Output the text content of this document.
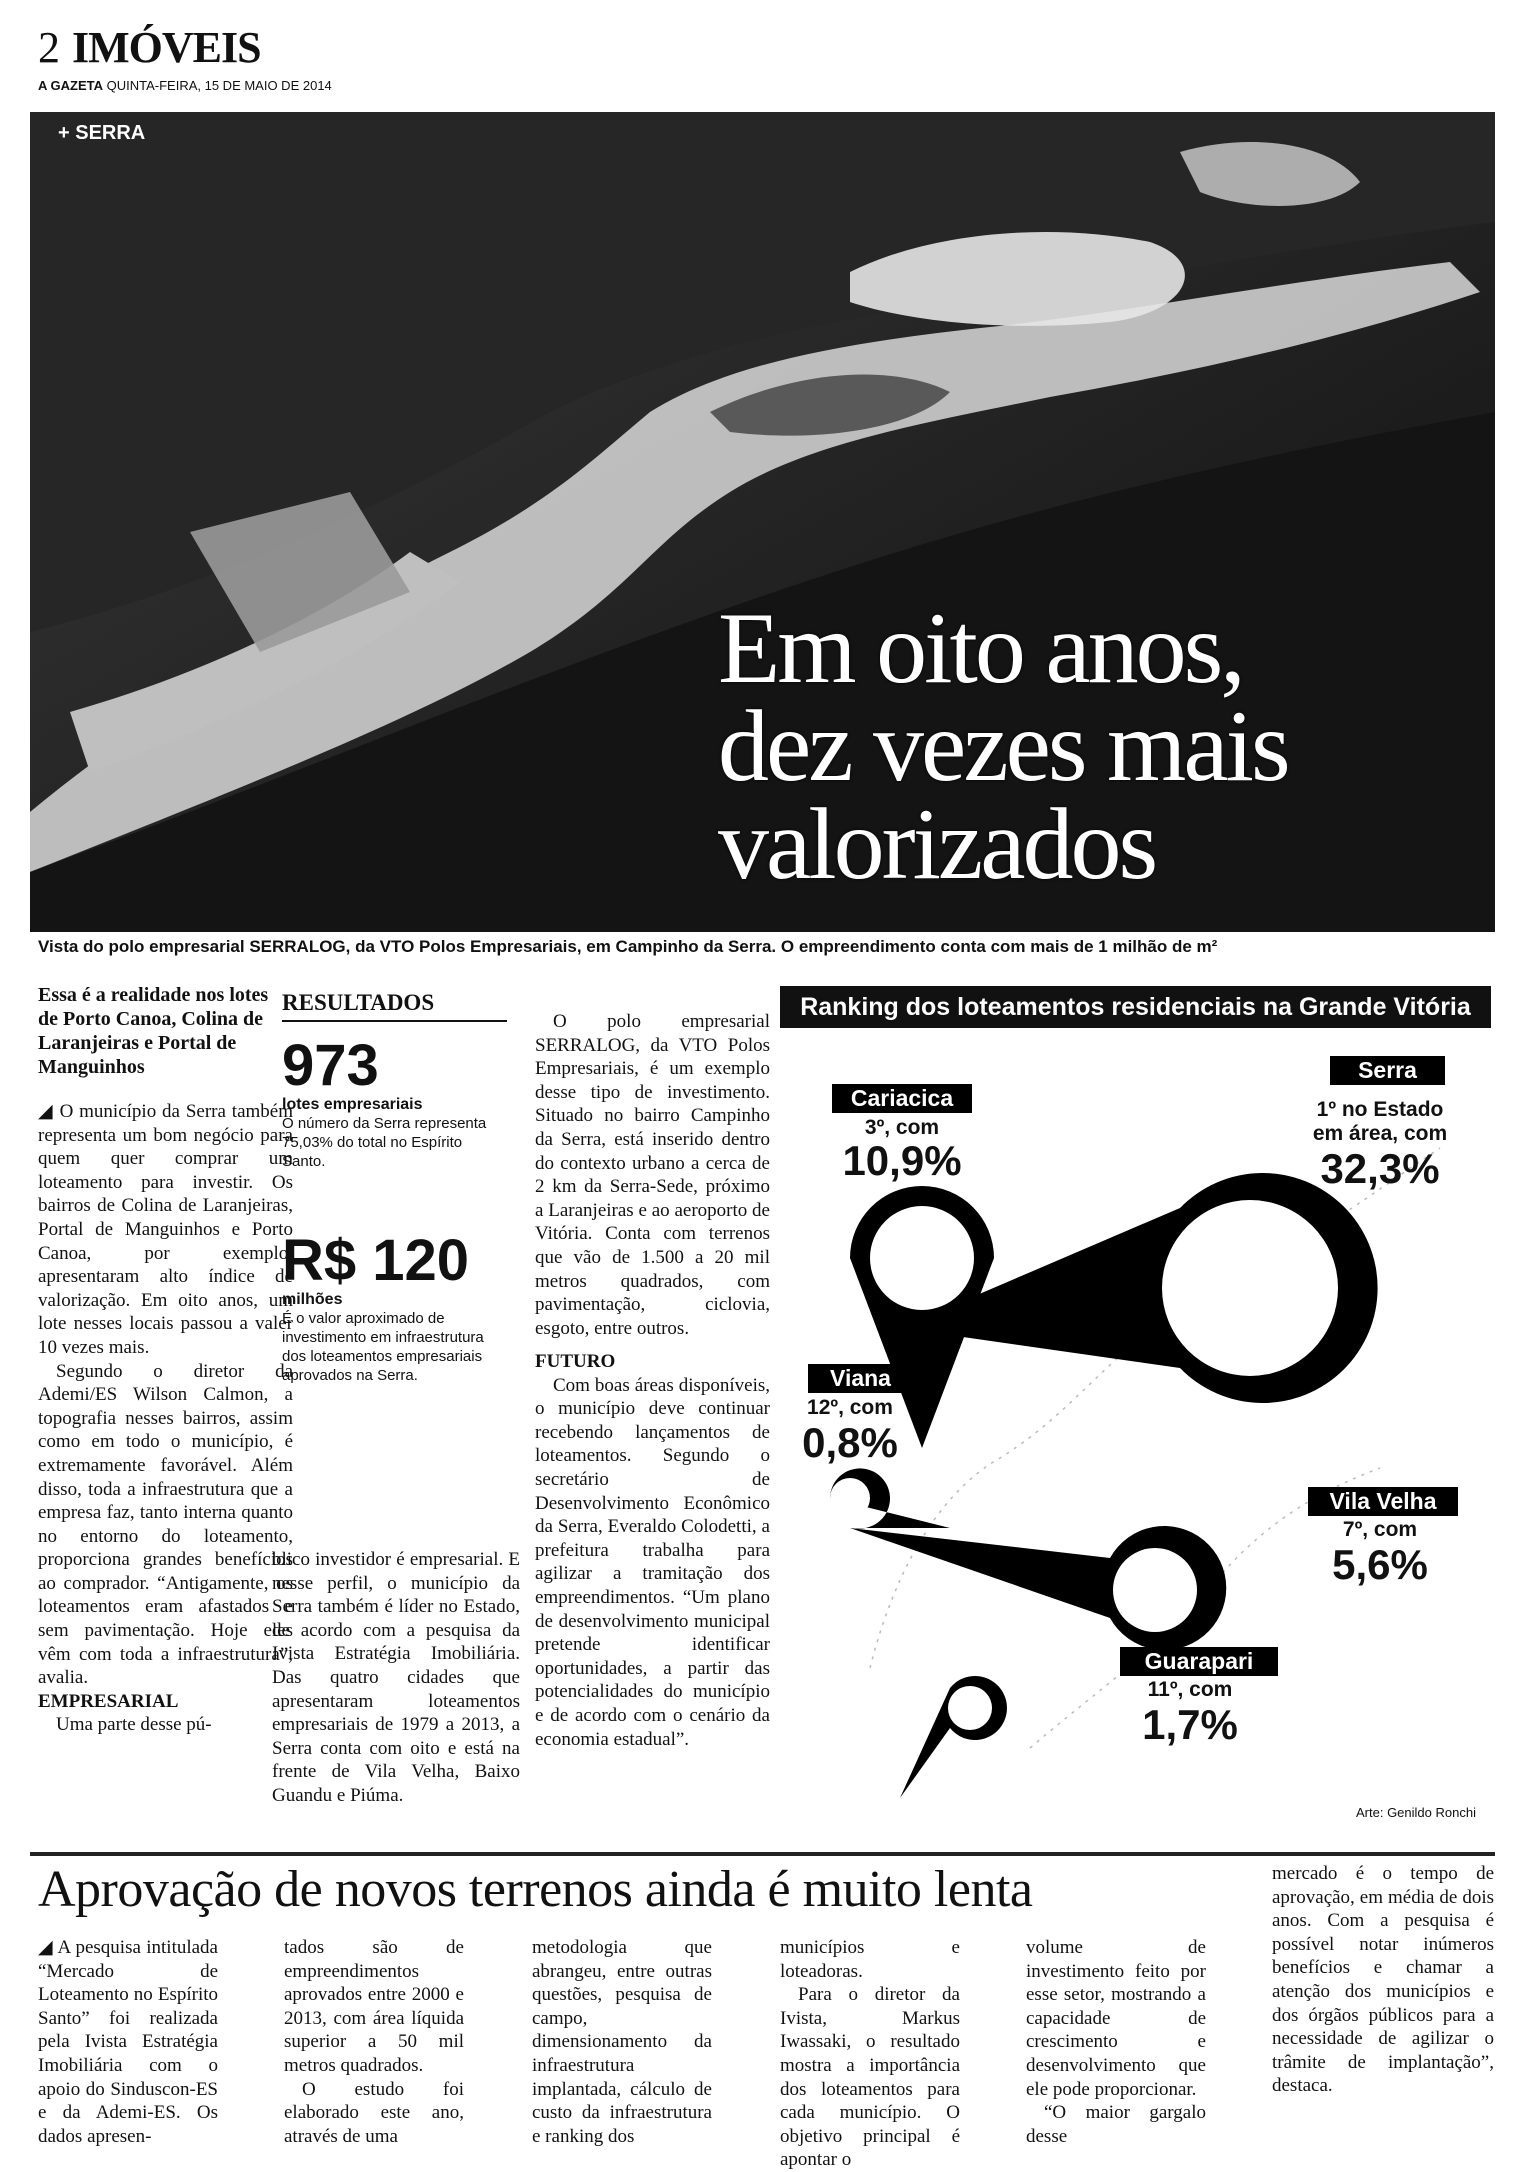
2 IMÓVEIS
A GAZETA QUINTA-FEIRA, 15 DE MAIO DE 2014
+ SERRA
Em oito anos,
dez vezes mais
valorizados
Vista do polo empresarial SERRALOG, da VTO Polos Empresariais, em Campinho da Serra. O empreendimento conta com mais de 1 milhão de m²
Essa é a realidade nos lotes de Porto Canoa, Colina de Laranjeiras e Portal de Manguinhos

◢ O município da Serra também representa um bom negócio para quem quer comprar um loteamento para investir. Os bairros de Colina de Laranjeiras, Portal de Manguinhos e Porto Canoa, por exemplo, apresentaram alto índice de valorização. Em oito anos, um lote nesses locais passou a valer 10 vezes mais.

Segundo o diretor da Ademi/ES Wilson Calmon, a topografia nesses bairros, assim como em todo o município, é extremamente favorável. Além disso, toda a infraestrutura que a empresa faz, tanto interna quanto no entorno do loteamento, proporciona grandes benefícios ao comprador. “Antigamente, os loteamentos eram afastados e sem pavimentação. Hoje eles vêm com toda a infraestrutura”, avalia.

EMPRESARIAL

Uma parte desse pú-

RESULTADOS
973
lotes empresariais
O número da Serra representa 75,03% do total no Espírito Santo.
R$ 120
milhões
É o valor aproximado de investimento em infraestrutura dos loteamentos empresariais aprovados na Serra.

blico investidor é empresarial. E nesse perfil, o município da Serra também é líder no Estado, de acordo com a pesquisa da Ivista Estratégia Imobiliária. Das quatro cidades que apresentaram loteamentos empresariais de 1979 a 2013, a Serra conta com oito e está na frente de Vila Velha, Baixo Guandu e Piúma.

O polo empresarial SERRALOG, da VTO Polos Empresariais, é um exemplo desse tipo de investimento. Situado no bairro Campinho da Serra, está inserido dentro do contexto urbano a cerca de 2 km da Serra-Sede, próximo a Laranjeiras e ao aeroporto de Vitória. Conta com terrenos que vão de 1.500 a 20 mil metros quadrados, com pavimentação, ciclovia, esgoto, entre outros.

FUTURO

Com boas áreas disponíveis, o município deve continuar recebendo lançamentos de loteamentos. Segundo o secretário de Desenvolvimento Econômico da Serra, Everaldo Colodetti, a prefeitura trabalha para agilizar a tramitação dos empreendimentos. “Um plano de desenvolvimento municipal pretende identificar oportunidades, a partir das potencialidades do município e de acordo com o cenário da economia estadual”.

Ranking dos loteamentos residenciais na Grande Vitória
Serra
1º no Estado
em área, com
32,3%
Cariacica
3º, com
10,9%
Viana
12º, com
0,8%
Vila Velha
7º, com
5,6%
Guarapari
11º, com
1,7%
Arte: Genildo Ronchi
Aprovação de novos terrenos ainda é muito lenta

◢ A pesquisa intitulada “Mercado de Loteamento no Espírito Santo” foi realizada pela Ivista Estratégia Imobiliária com o apoio do Sinduscon-ES e da Ademi-ES. Os dados apresen-

tados são de empreendimentos aprovados entre 2000 e 2013, com área líquida superior a 50 mil metros quadrados.

O estudo foi elaborado este ano, através de uma

metodologia que abrangeu, entre outras questões, pesquisa de campo, dimensionamento da infraestrutura implantada, cálculo de custo da infraestrutura e ranking dos

municípios e loteadoras.

Para o diretor da Ivista, Markus Iwassaki, o resultado mostra a importância dos loteamentos para cada município. O objetivo principal é apontar o

volume de investimento feito por esse setor, mostrando a capacidade de crescimento e desenvolvimento que ele pode proporcionar.

“O maior gargalo desse

mercado é o tempo de aprovação, em média de dois anos. Com a pesquisa é possível notar inúmeros benefícios e chamar a atenção dos municípios e dos órgãos públicos para a necessidade de agilizar o trâmite de implantação”, destaca.
